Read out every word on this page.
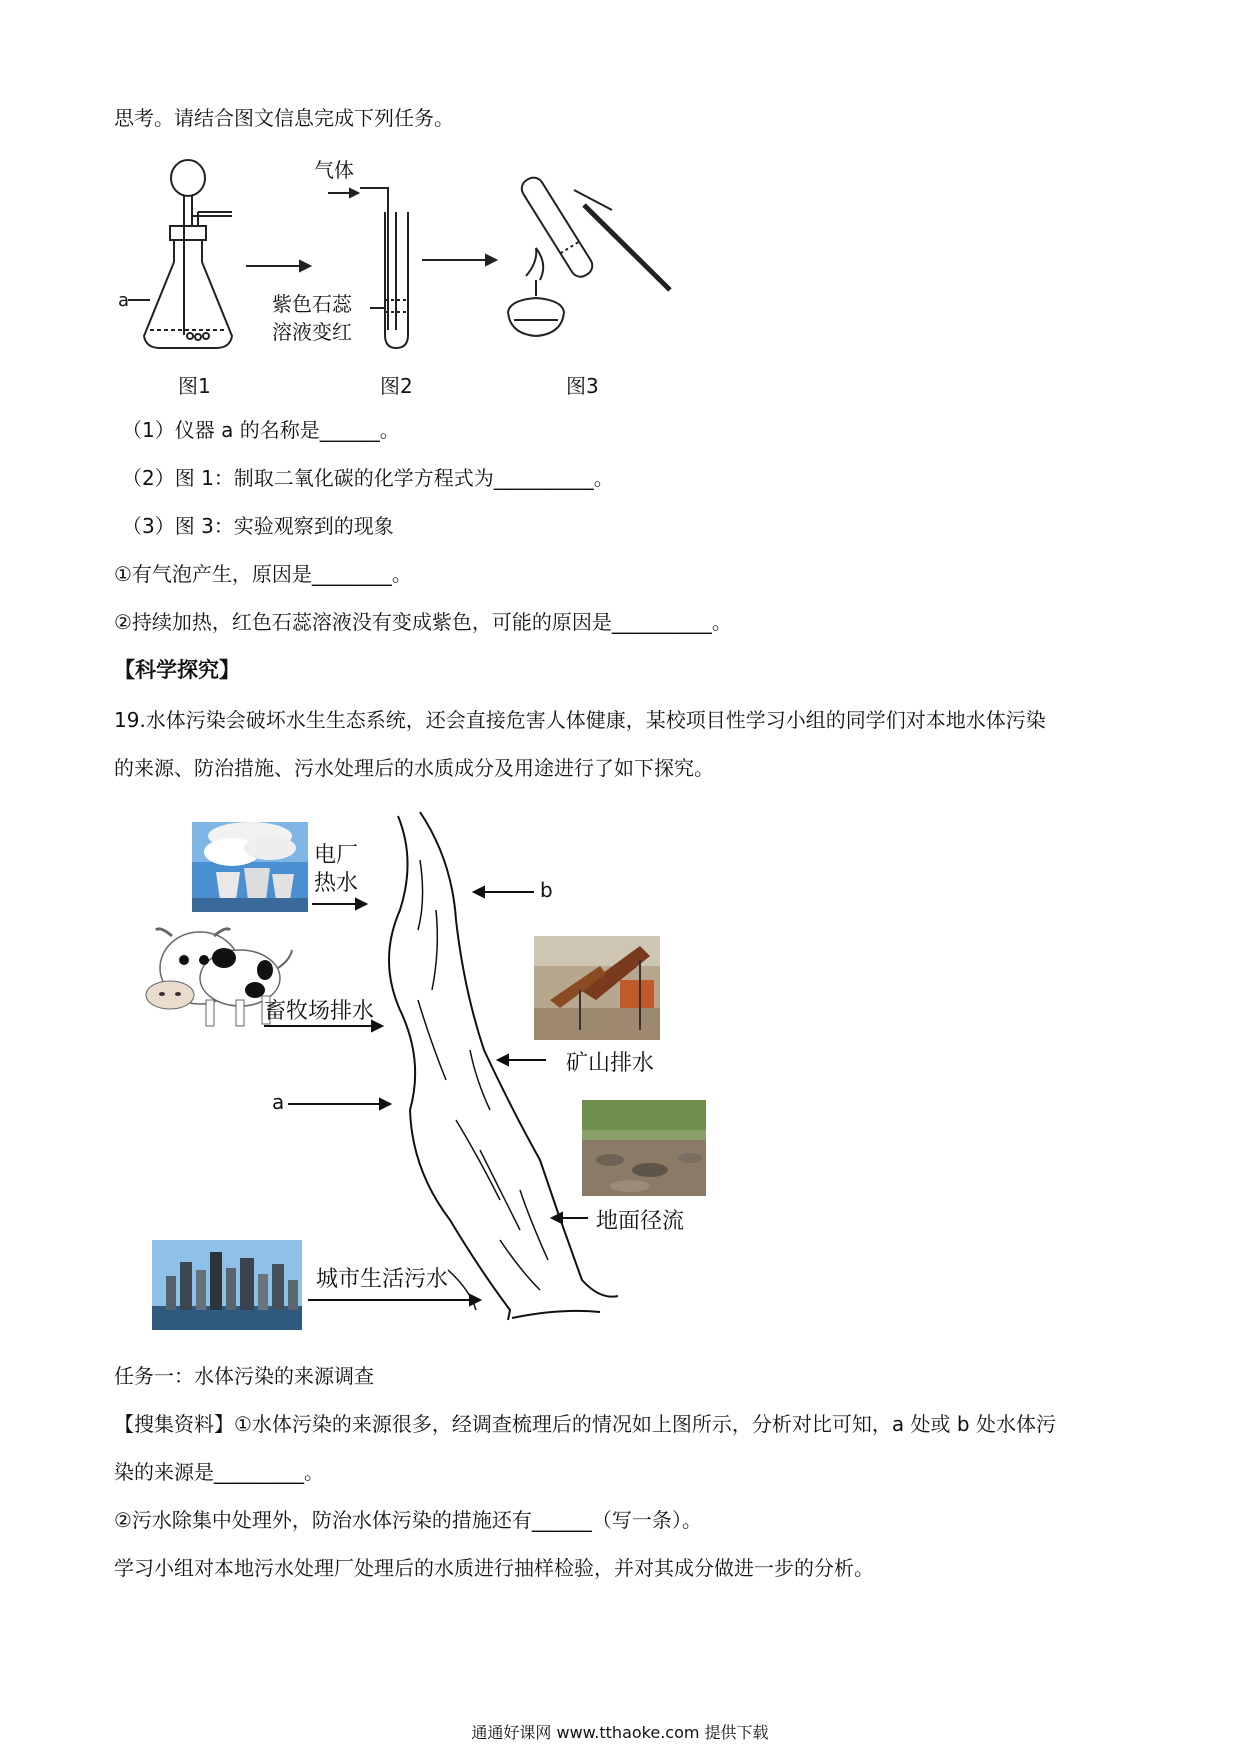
思考。请结合图文信息完成下列任务。
气体
a	紫色石蕊
溶液变红
图1	图2	图3
（1）仪器 a 的名称是______。
（2）图 1：制取二氧化碳的化学方程式为__________。
（3）图 3：实验观察到的现象
①有气泡产生，原因是________。
②持续加热，红色石蕊溶液没有变成紫色，可能的原因是__________。
【科学探究】
19.水体污染会破坏水生生态系统，还会直接危害人体健康，某校项目性学习小组的同学们对本地水体污染
的来源、防治措施、污水处理后的水质成分及用途进行了如下探究。
电厂
热水	b
畜牧场排水
矿山排水
a
地面径流
城市生活污水
任务一：水体污染的来源调查
【搜集资料】①水体污染的来源很多，经调查梳理后的情况如上图所示，分析对比可知，a 处或 b 处水体污
染的来源是_________。
②污水除集中处理外，防治水体污染的措施还有______（写一条）。
学习小组对本地污水处理厂处理后的水质进行抽样检验，并对其成分做进一步的分析。
通通好课网 www.tthaoke.com 提供下载
